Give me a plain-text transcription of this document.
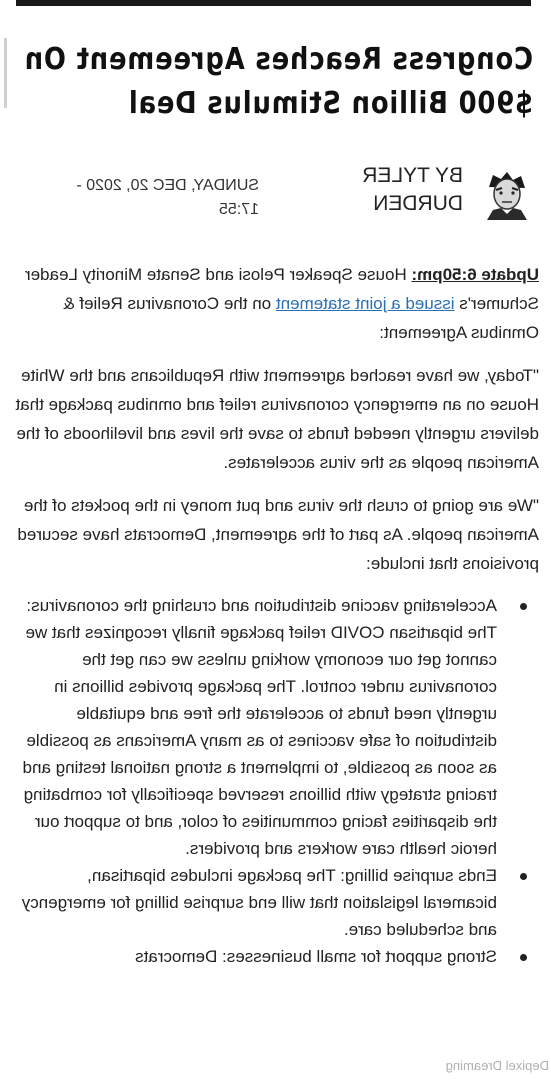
Congress Reaches Agreement On $900 Billion Stimulus Deal
BY TYLER DURDEN
SUNDAY, DEC 20, 2020 - 17:55

Update 6:50pm: House Speaker Pelosi and Senate Minority Leader Schumer's issued a joint statement on the Coronavirus Relief & Omnibus Agreement:

"Today, we have reached agreement with Republicans and the White House on an emergency coronavirus relief and omnibus package that delivers urgently needed funds to save the lives and livelihoods of the American people as the virus accelerates.

"We are going to crush the virus and put money in the pockets of the American people. As part of the agreement, Democrats have secured provisions that include:

Accelerating vaccine distribution and crushing the coronavirus: The bipartisan COVID relief package finally recognizes that we cannot get our economy working unless we can get the coronavirus under control. The package provides billions in urgently need funds to accelerate the free and equitable distribution of safe vaccines to as many Americans as possible as soon as possible, to implement a strong national testing and tracing strategy with billions reserved specifically for combating the disparities facing communities of color, and to support our heroic health care workers and providers.
Ends surprise billing: The package includes bipartisan, bicameral legislation that will end surprise billing for emergency and scheduled care.
Strong support for small businesses: Democrats
Depixel Dreaming
